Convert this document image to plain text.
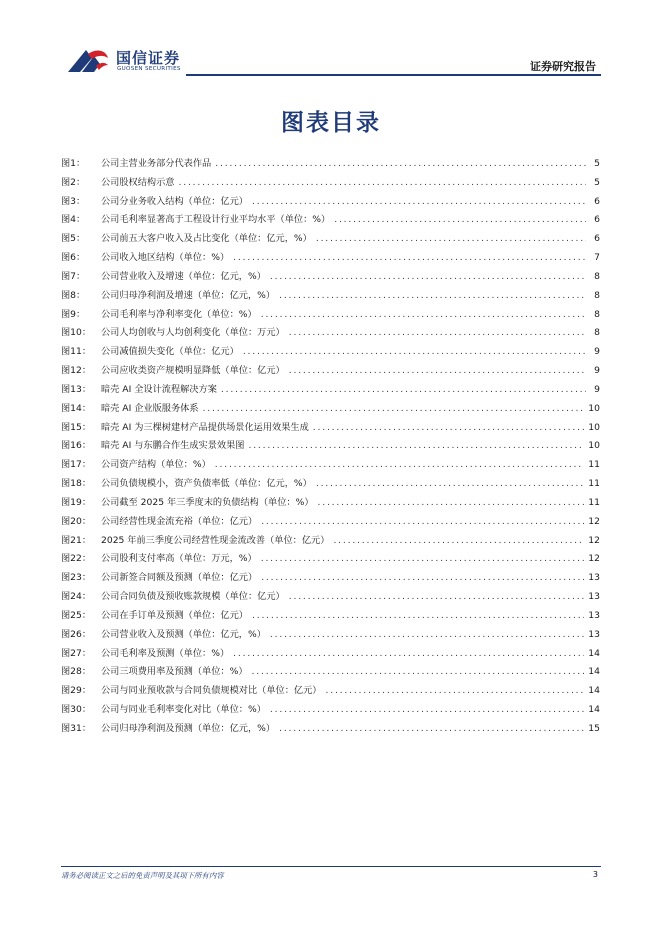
国信证券
GUOSEN SECURITIES	证券研究报告
图表目录
图1：	公司主营业务部分代表作品 .....	5
图2：	公司股权结构示意 .....	5
图3：	公司分业务收入结构（单位：亿元） .....	6
图4：	公司毛利率显著高于工程设计行业平均水平（单位：%） .....	6
图5：	公司前五大客户收入及占比变化（单位：亿元，%） .....	6
图6：	公司收入地区结构（单位：%） .....	7
图7：	公司营业收入及增速（单位：亿元，%） .....	8
图8：	公司归母净利润及增速（单位：亿元，%） .....	8
图9：	公司毛利率与净利率变化（单位：%） .....	8
图10：	公司人均创收与人均创利变化（单位：万元） .....	8
图11：	公司减值损失变化（单位：亿元） .....	9
图12：	公司应收类资产规模明显降低（单位：亿元） .....	9
图13：	暗壳 AI 全设计流程解决方案 .....	9
图14：	暗壳 AI 企业版服务体系 .....	10
图15：	暗壳 AI 为三棵树建材产品提供场景化运用效果生成 .....	10
图16：	暗壳 AI 与东鹏合作生成实景效果图 .....	10
图17：	公司资产结构（单位：%） .....	11
图18：	公司负债规模小，资产负债率低（单位：亿元，%） .....	11
图19：	公司截至 2025 年三季度末的负债结构（单位：%） .....	11
图20：	公司经营性现金流充裕（单位：亿元） .....	12
图21：	2025 年前三季度公司经营性现金流改善（单位：亿元） .....	12
图22：	公司股利支付率高（单位：万元，%） .....	12
图23：	公司新签合同额及预测（单位：亿元） .....	13
图24：	公司合同负债及预收账款规模（单位：亿元） .....	13
图25：	公司在手订单及预测（单位：亿元） .....	13
图26：	公司营业收入及预测（单位：亿元，%） .....	13
图27：	公司毛利率及预测（单位：%） .....	14
图28：	公司三项费用率及预测（单位：%） .....	14
图29：	公司与同业预收款与合同负债规模对比（单位：亿元） .....	14
图30：	公司与同业毛利率变化对比（单位：%） .....	14
图31：	公司归母净利润及预测（单位：亿元，%） .....	15
请务必阅读正文之后的免责声明及其项下所有内容	3
